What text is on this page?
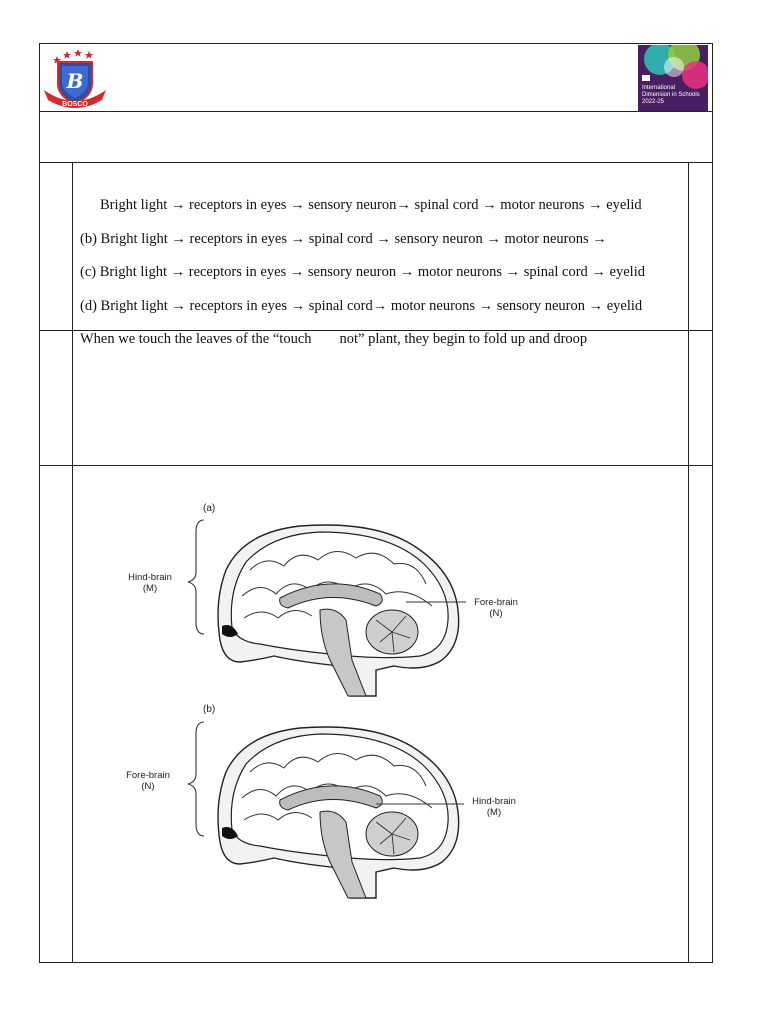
B
BOSCO
International
Dimension in Schools
2022-25
Bright light → receptors in eyes → sensory neuron→ spinal cord → motor neurons → eyelid
(b) Bright light → receptors in eyes → spinal cord → sensory neuron → motor neurons →
(c) Bright light → receptors in eyes → sensory neuron → motor neurons → spinal cord → eyelid
(d) Bright light → receptors in eyes → spinal cord→ motor neurons → sensory neuron → eyelid
When we touch the leaves of the “touch not” plant, they begin to fold up and droop
(a)
Hind-brain
(M)
Fore-brain
(N)
(b)
Fore-brain
(N)
Hind-brain
(M)
